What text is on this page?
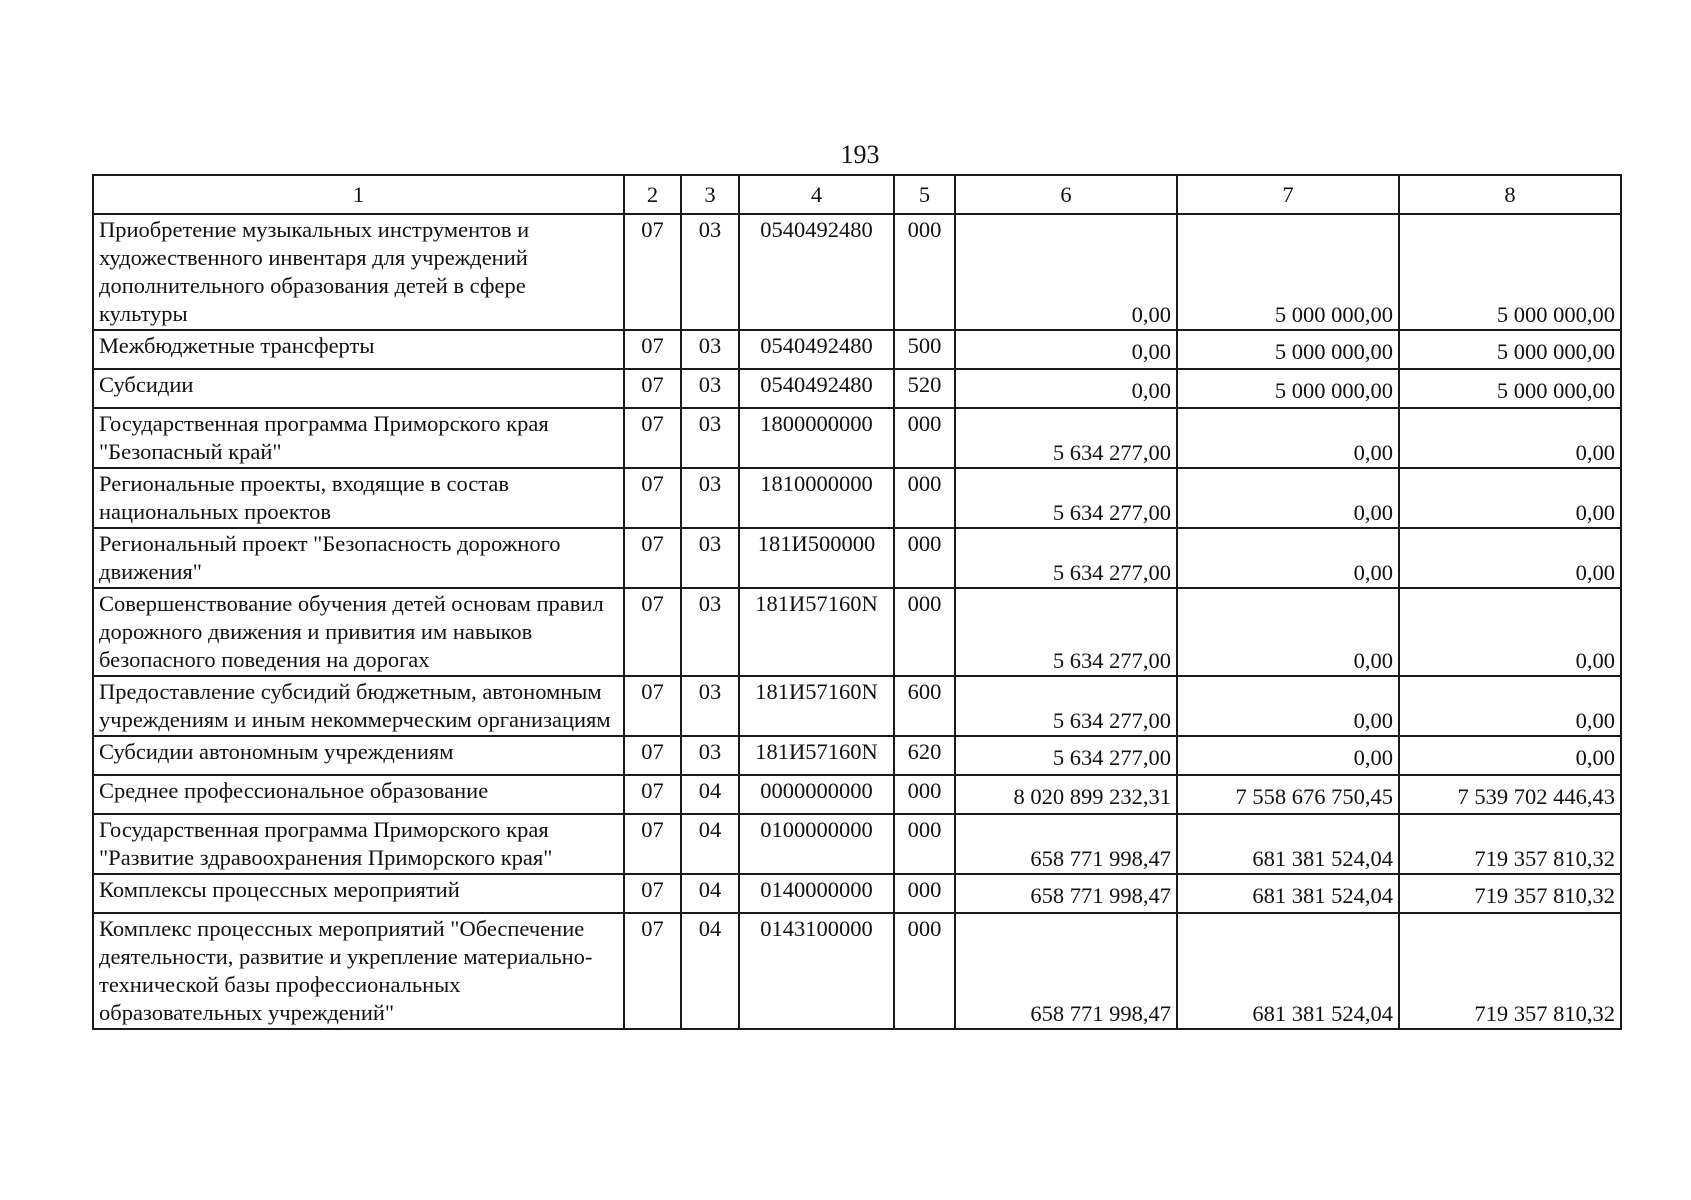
193
1	2	3	4	5	6	7	8
Приобретение музыкальных инструментов и художественного инвентаря для учреждений дополнительного образования детей в сфере культуры	07	03	0540492480	000	0,00	5 000 000,00	5 000 000,00
Межбюджетные трансферты	07	03	0540492480	500	0,00	5 000 000,00	5 000 000,00
Субсидии	07	03	0540492480	520	0,00	5 000 000,00	5 000 000,00
Государственная программа Приморского края "Безопасный край"	07	03	1800000000	000	5 634 277,00	0,00	0,00
Региональные проекты, входящие в состав национальных проектов	07	03	1810000000	000	5 634 277,00	0,00	0,00
Региональный проект "Безопасность дорожного движения"	07	03	181И500000	000	5 634 277,00	0,00	0,00
Совершенствование обучения детей основам правил дорожного движения и привития им навыков безопасного поведения на дорогах	07	03	181И57160N	000	5 634 277,00	0,00	0,00
Предоставление субсидий бюджетным, автономным учреждениям и иным некоммерческим организациям	07	03	181И57160N	600	5 634 277,00	0,00	0,00
Субсидии автономным учреждениям	07	03	181И57160N	620	5 634 277,00	0,00	0,00
Среднее профессиональное образование	07	04	0000000000	000	8 020 899 232,31	7 558 676 750,45	7 539 702 446,43
Государственная программа Приморского края "Развитие здравоохранения Приморского края"	07	04	0100000000	000	658 771 998,47	681 381 524,04	719 357 810,32
Комплексы процессных мероприятий	07	04	0140000000	000	658 771 998,47	681 381 524,04	719 357 810,32
Комплекс процессных мероприятий "Обеспечение деятельности, развитие и укрепление материально-технической базы профессиональных образовательных учреждений"	07	04	0143100000	000	658 771 998,47	681 381 524,04	719 357 810,32
